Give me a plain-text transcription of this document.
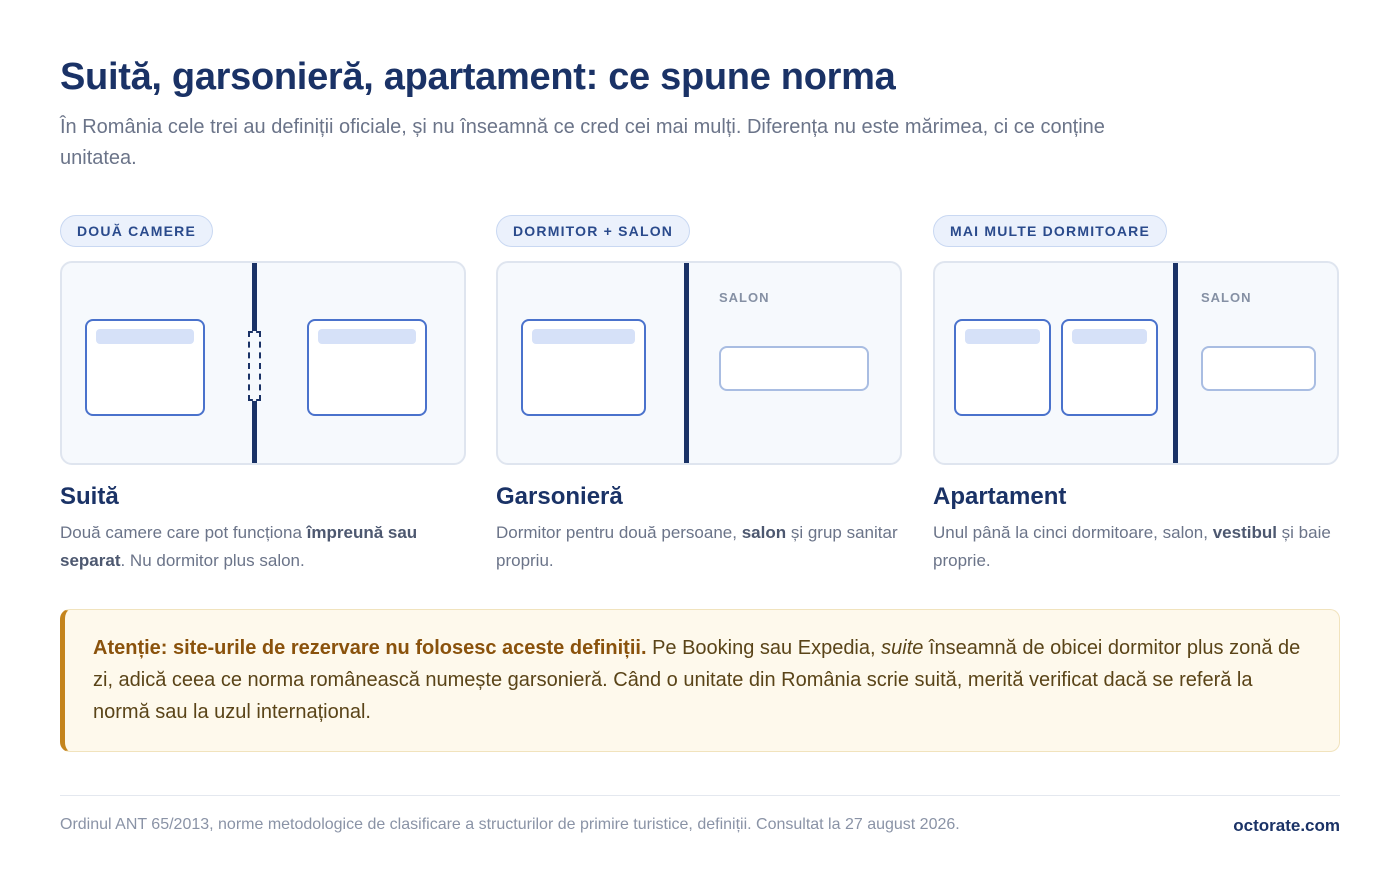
Suită, garsonieră, apartament: ce spune norma

În România cele trei au definiții oficiale, și nu înseamnă ce cred cei mai mulți. Diferența nu este mărimea, ci ce conține unitatea.

DOUĂ CAMERE
Suită
Două camere care pot funcționa împreună sau separat. Nu dormitor plus salon.
DORMITOR + SALON
SALON
Garsonieră
Dormitor pentru două persoane, salon și grup sanitar propriu.
MAI MULTE DORMITOARE
SALON
Apartament
Unul până la cinci dormitoare, salon, vestibul și baie proprie.
Atenție: site-urile de rezervare nu folosesc aceste definiții. Pe Booking sau Expedia, suite înseamnă de obicei dormitor plus zonă de zi, adică ceea ce norma românească numește garsonieră. Când o unitate din România scrie suită, merită verificat dacă se referă la normă sau la uzul internațional.
Ordinul ANT 65/2013, norme metodologice de clasificare a structurilor de primire turistice, definiții. Consultat la 27 august 2026.	octorate.com
